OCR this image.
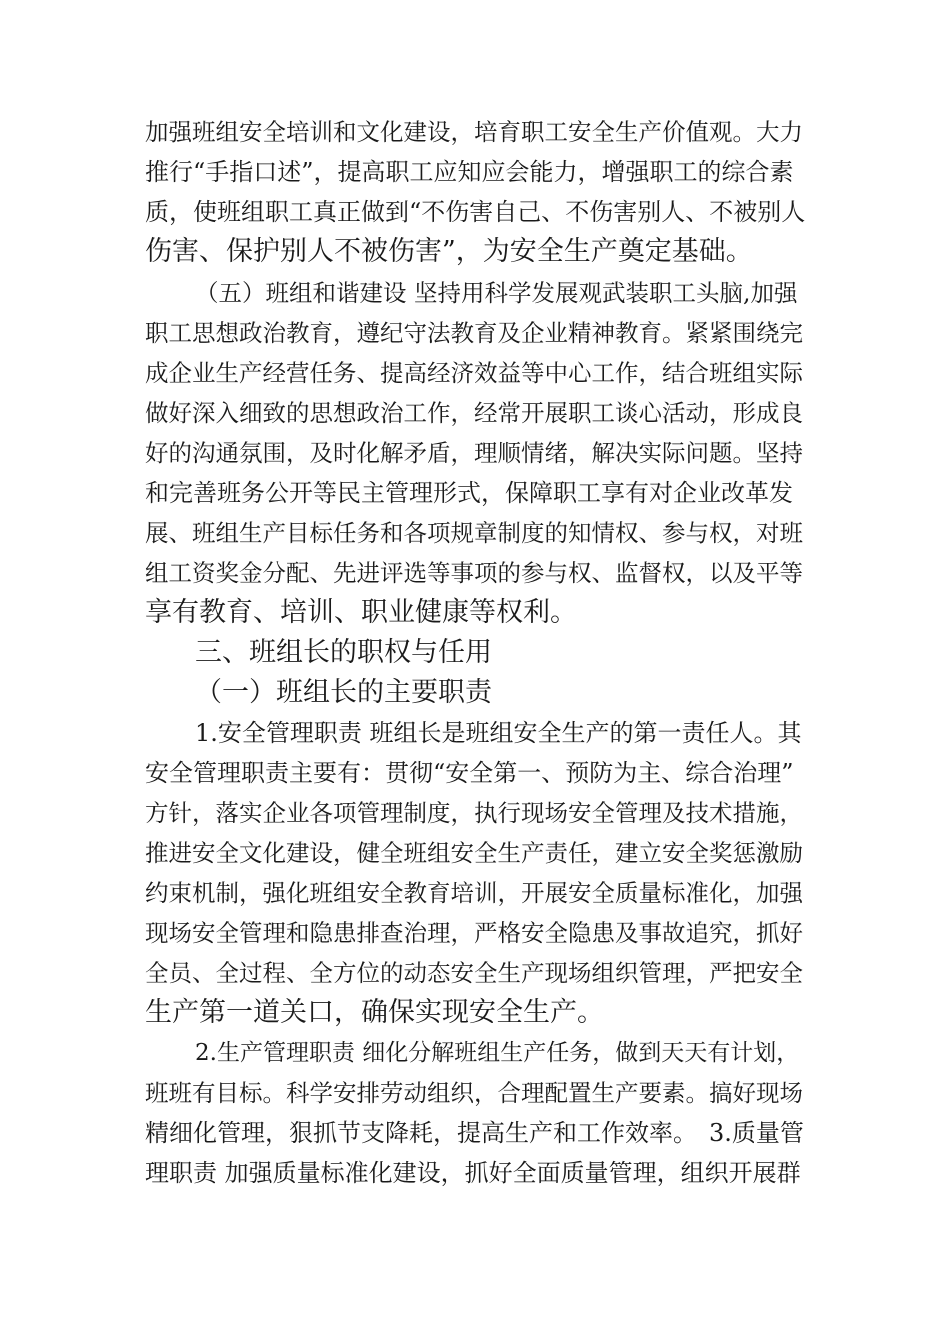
加强班组安全培训和文化建设，培育职工安全生产价值观。大力
推行“手指口述”，提高职工应知应会能力，增强职工的综合素
质，使班组职工真正做到“不伤害自己、不伤害别人、不被别人
伤害、保护别人不被伤害”，为安全生产奠定基础。
（五）班组和谐建设 坚持用科学发展观武装职工头脑,加强
职工思想政治教育，遵纪守法教育及企业精神教育。紧紧围绕完
成企业生产经营任务、提高经济效益等中心工作，结合班组实际
做好深入细致的思想政治工作，经常开展职工谈心活动，形成良
好的沟通氛围，及时化解矛盾，理顺情绪，解决实际问题。坚持
和完善班务公开等民主管理形式，保障职工享有对企业改革发
展、班组生产目标任务和各项规章制度的知情权、参与权，对班
组工资奖金分配、先进评选等事项的参与权、监督权，以及平等
享有教育、培训、职业健康等权利。
三、班组长的职权与任用
（一）班组长的主要职责
1.安全管理职责 班组长是班组安全生产的第一责任人。其
安全管理职责主要有：贯彻“安全第一、预防为主、综合治理”
方针，落实企业各项管理制度，执行现场安全管理及技术措施，
推进安全文化建设，健全班组安全生产责任，建立安全奖惩激励
约束机制，强化班组安全教育培训，开展安全质量标准化，加强
现场安全管理和隐患排查治理，严格安全隐患及事故追究，抓好
全员、全过程、全方位的动态安全生产现场组织管理，严把安全
生产第一道关口，确保实现安全生产。
2.生产管理职责 细化分解班组生产任务，做到天天有计划，
班班有目标。科学安排劳动组织，合理配置生产要素。搞好现场
精细化管理，狠抓节支降耗，提高生产和工作效率。　3.质量管
理职责 加强质量标准化建设，抓好全面质量管理，组织开展群
